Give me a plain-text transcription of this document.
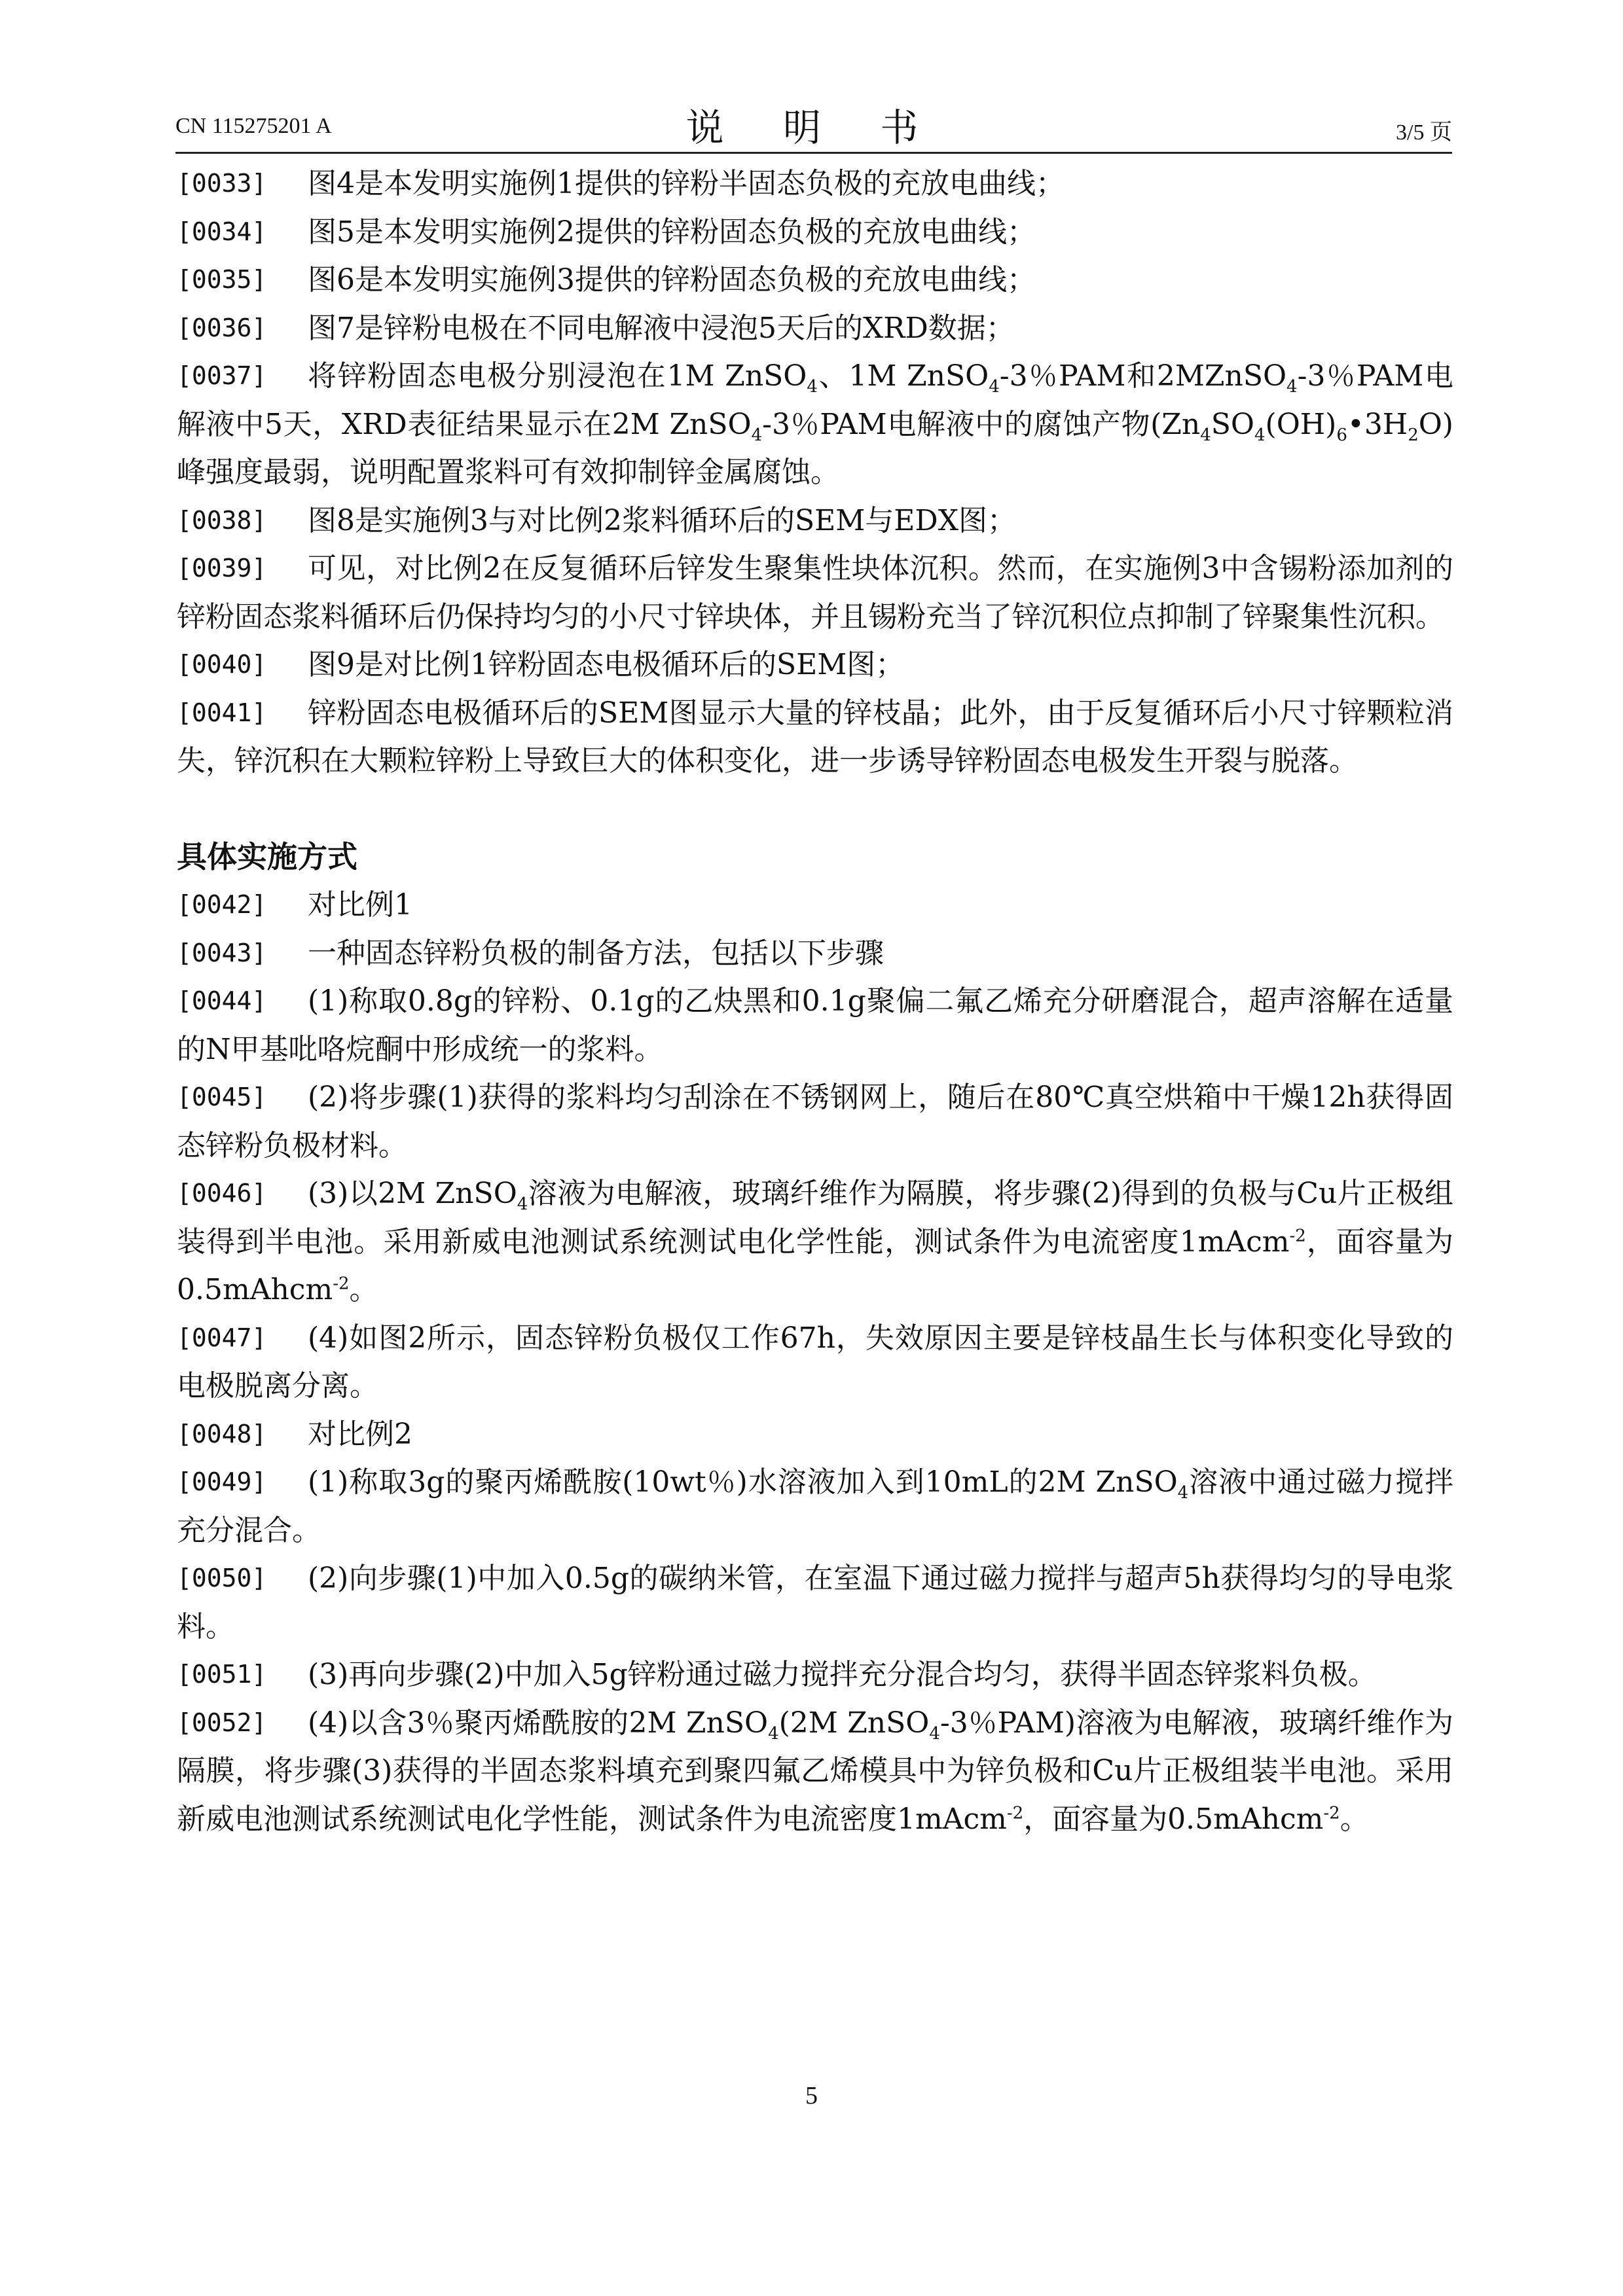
CN 115275201 A	说 明 书	3/5 页

[0033] 图4是本发明实施例1提供的锌粉半固态负极的充放电曲线；

[0034] 图5是本发明实施例2提供的锌粉固态负极的充放电曲线；

[0035] 图6是本发明实施例3提供的锌粉固态负极的充放电曲线；

[0036] 图7是锌粉电极在不同电解液中浸泡5天后的XRD数据；

[0037] 将锌粉固态电极分别浸泡在1M ZnSO$_4$、1M ZnSO$_4$-3％PAM和2MZnSO$_4$-3％PAM电解液中5天，XRD表征结果显示在2M ZnSO$_4$-3％PAM电解液中的腐蚀产物$(Zn_4SO_4(OH)_6•3H_2O)$峰强度最弱，说明配置浆料可有效抑制锌金属腐蚀。

[0038] 图8是实施例3与对比例2浆料循环后的SEM与EDX图；

[0039] 可见，对比例2在反复循环后锌发生聚集性块体沉积。然而，在实施例3中含锡粉添加剂的锌粉固态浆料循环后仍保持均匀的小尺寸锌块体，并且锡粉充当了锌沉积位点抑制了锌聚集性沉积。

[0040] 图9是对比例1锌粉固态电极循环后的SEM图；

[0041] 锌粉固态电极循环后的SEM图显示大量的锌枝晶；此外，由于反复循环后小尺寸锌颗粒消失，锌沉积在大颗粒锌粉上导致巨大的体积变化，进一步诱导锌粉固态电极发生开裂与脱落。

具体实施方式

[0042] 对比例1

[0043] 一种固态锌粉负极的制备方法，包括以下步骤

[0044] (1)称取0.8g的锌粉、0.1g的乙炔黑和0.1g聚偏二氟乙烯充分研磨混合，超声溶解在适量的N甲基吡咯烷酮中形成统一的浆料。

[0045] (2)将步骤(1)获得的浆料均匀刮涂在不锈钢网上，随后在80℃真空烘箱中干燥12h获得固态锌粉负极材料。

[0046] (3)以2M ZnSO$_4$溶液为电解液，玻璃纤维作为隔膜，将步骤(2)得到的负极与Cu片正极组装得到半电池。采用新威电池测试系统测试电化学性能，测试条件为电流密度1mAcm$^{-2}$，面容量为0.5mAhcm$^{-2}$。

[0047] (4)如图2所示，固态锌粉负极仅工作67h，失效原因主要是锌枝晶生长与体积变化导致的电极脱离分离。

[0048] 对比例2

[0049] (1)称取3g的聚丙烯酰胺(10wt％)水溶液加入到10mL的2M ZnSO$_4$溶液中通过磁力搅拌充分混合。

[0050] (2)向步骤(1)中加入0.5g的碳纳米管，在室温下通过磁力搅拌与超声5h获得均匀的导电浆料。

[0051] (3)再向步骤(2)中加入5g锌粉通过磁力搅拌充分混合均匀，获得半固态锌浆料负极。

[0052] (4)以含3％聚丙烯酰胺的2M ZnSO$_4$(2M ZnSO$_4$-3％PAM)溶液为电解液，玻璃纤维作为隔膜，将步骤(3)获得的半固态浆料填充到聚四氟乙烯模具中为锌负极和Cu片正极组装半电池。采用新威电池测试系统测试电化学性能，测试条件为电流密度1mAcm$^{-2}$，面容量为0.5mAhcm$^{-2}$。

5
